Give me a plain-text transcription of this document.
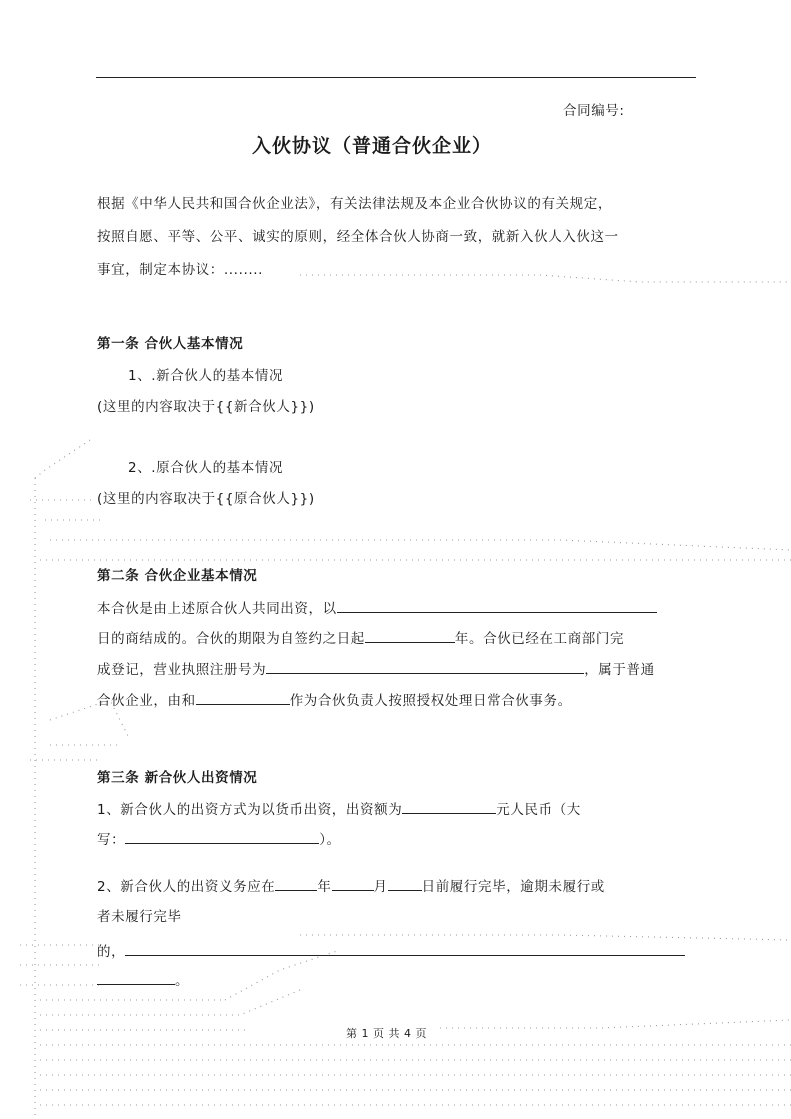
合同编号:
入伙协议（普通合伙企业）
根据《中华人民共和国合伙企业法》，有关法律法规及本企业合伙协议的有关规定，
按照自愿、平等、公平、诚实的原则，经全体合伙人协商一致，就新入伙人入伙这一
事宜，制定本协议：........
第一条 合伙人基本情况
1、.新合伙人的基本情况
(这里的内容取决于{{新合伙人}})
2、.原合伙人的基本情况
(这里的内容取决于{{原合伙人}})
第二条 合伙企业基本情况
本合伙是由上述原合伙人共同出资，以
日的商结成的。合伙的期限为自签约之日起	年。合伙已经在工商部门完
成登记，营业执照注册号为	，属于普通
合伙企业，由和	作为合伙负责人按照授权处理日常合伙事务。
第三条 新合伙人出资情况
1、新合伙人的出资方式为以货币出资，出资额为	元人民币（大
写：	）。
2、新合伙人的出资义务应在	年	月	日前履行完毕，逾期未履行或
者未履行完毕
的，
。
第 1 页 共 4 页
